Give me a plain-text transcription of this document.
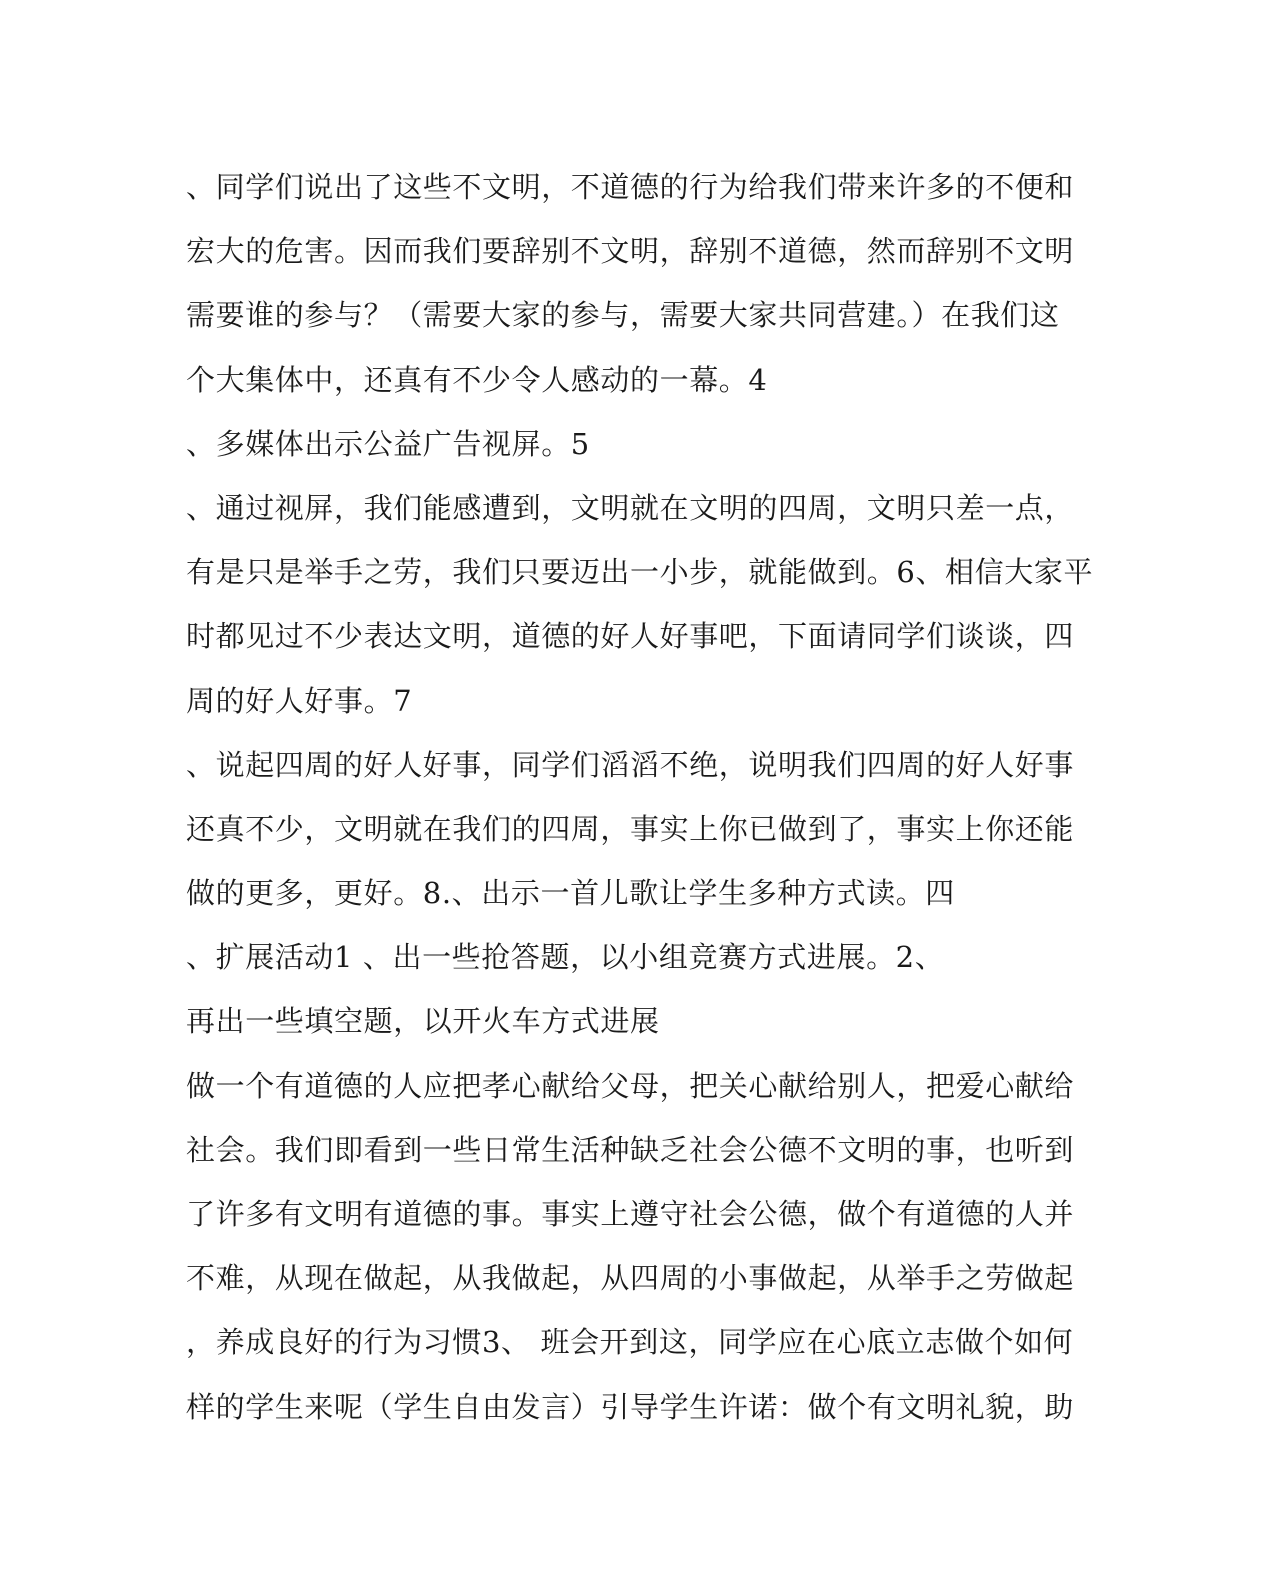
、同学们说出了这些不文明，不道德的行为给我们带来许多的不便和
宏大的危害。因而我们要辞别不文明，辞别不道德，然而辞别不文明
需要谁的参与？（需要大家的参与，需要大家共同营建。）在我们这
个大集体中，还真有不少令人感动的一幕。4
、多媒体出示公益广告视屏。5
、通过视屏，我们能感遭到，文明就在文明的四周，文明只差一点，
有是只是举手之劳，我们只要迈出一小步，就能做到。6、相信大家平
时都见过不少表达文明，道德的好人好事吧，下面请同学们谈谈，四
周的好人好事。7
、说起四周的好人好事，同学们滔滔不绝，说明我们四周的好人好事
还真不少，文明就在我们的四周，事实上你已做到了，事实上你还能
做的更多，更好。8.、出示一首儿歌让学生多种方式读。四
、扩展活动1 、出一些抢答题，以小组竞赛方式进展。2、
再出一些填空题，以开火车方式进展
做一个有道德的人应把孝心献给父母，把关心献给别人，把爱心献给
社会。我们即看到一些日常生活种缺乏社会公德不文明的事，也听到
了许多有文明有道德的事。事实上遵守社会公德，做个有道德的人并
不难，从现在做起，从我做起，从四周的小事做起，从举手之劳做起
，养成良好的行为习惯3、 班会开到这，同学应在心底立志做个如何
样的学生来呢（学生自由发言）引导学生许诺：做个有文明礼貌，助
